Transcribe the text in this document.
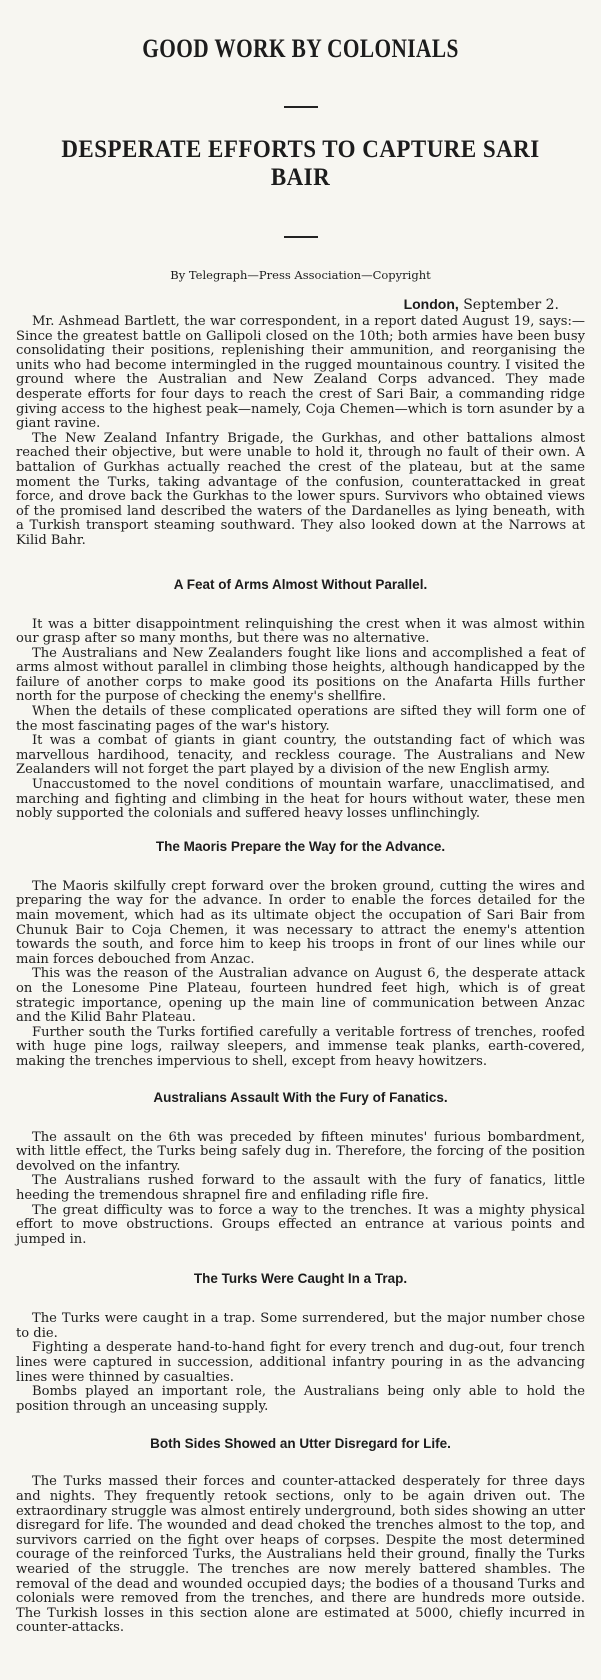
GOOD WORK BY COLONIALS
DESPERATE EFFORTS TO CAPTURE SARI BAIR
By Telegraph—Press Association—Copyright
London, September 2.

Mr. Ashmead Bartlett, the war correspondent, in a report dated August 19, says:—Since the greatest battle on Gallipoli closed on the 10th; both armies have been busy consolidating their positions, replenishing their ammunition, and reorganising the units who had become intermingled in the rugged mountainous country. I visited the ground where the Australian and New Zealand Corps advanced. They made desperate efforts for four days to reach the crest of Sari Bair, a commanding ridge giving access to the highest peak—namely, Coja Chemen—which is torn asunder by a giant ravine.

The New Zealand Infantry Brigade, the Gurkhas, and other battalions almost reached their objective, but were unable to hold it, through no fault of their own. A battalion of Gurkhas actually reached the crest of the plateau, but at the same moment the Turks, taking advantage of the confusion, counterattacked in great force, and drove back the Gurkhas to the lower spurs. Survivors who obtained views of the promised land described the waters of the Dardanelles as lying beneath, with a Turkish transport steaming southward. They also looked down at the Narrows at Kilid Bahr.

A Feat of Arms Almost Without Parallel.

It was a bitter disappointment relinquishing the crest when it was almost within our grasp after so many months, but there was no alternative.

The Australians and New Zealanders fought like lions and accomplished a feat of arms almost without parallel in climbing those heights, although handicapped by the failure of another corps to make good its positions on the Anafarta Hills further north for the purpose of checking the enemy's shellfire.

When the details of these complicated operations are sifted they will form one of the most fascinating pages of the war's history.

It was a combat of giants in giant country, the outstanding fact of which was marvellous hardihood, tenacity, and reckless courage. The Australians and New Zealanders will not forget the part played by a division of the new English army.

Unaccustomed to the novel conditions of mountain warfare, unacclimatised, and marching and fighting and climbing in the heat for hours without water, these men nobly supported the colonials and suffered heavy losses unflinchingly.

The Maoris Prepare the Way for the Advance.

The Maoris skilfully crept forward over the broken ground, cutting the wires and preparing the way for the advance. In order to enable the forces detailed for the main movement, which had as its ultimate object the occupation of Sari Bair from Chunuk Bair to Coja Chemen, it was necessary to attract the enemy's attention towards the south, and force him to keep his troops in front of our lines while our main forces debouched from Anzac.

This was the reason of the Australian advance on August 6, the desperate attack on the Lonesome Pine Plateau, fourteen hundred feet high, which is of great strategic importance, opening up the main line of communication between Anzac and the Kilid Bahr Plateau.

Further south the Turks fortified carefully a veritable fortress of trenches, roofed with huge pine logs, railway sleepers, and immense teak planks, earth-covered, making the trenches impervious to shell, except from heavy howitzers.

Australians Assault With the Fury of Fanatics.

The assault on the 6th was preceded by fifteen minutes' furious bombardment, with little effect, the Turks being safely dug in. Therefore, the forcing of the position devolved on the infantry.

The Australians rushed forward to the assault with the fury of fanatics, little heeding the tremendous shrapnel fire and enfilading rifle fire.

The great difficulty was to force a way to the trenches. It was a mighty physical effort to move obstructions. Groups effected an entrance at various points and jumped in.

The Turks Were Caught In a Trap.

The Turks were caught in a trap. Some surrendered, but the major number chose to die.

Fighting a desperate hand-to-hand fight for every trench and dug-out, four trench lines were captured in succession, additional infantry pouring in as the advancing lines were thinned by casualties.

Bombs played an important role, the Australians being only able to hold the position through an unceasing supply.

Both Sides Showed an Utter Disregard for Life.

The Turks massed their forces and counter-attacked desperately for three days and nights. They frequently retook sections, only to be again driven out. The extraordinary struggle was almost entirely underground, both sides showing an utter disregard for life. The wounded and dead choked the trenches almost to the top, and survivors carried on the fight over heaps of corpses. Despite the most determined courage of the reinforced Turks, the Australians held their ground, finally the Turks wearied of the struggle. The trenches are now merely battered shambles. The removal of the dead and wounded occupied days; the bodies of a thousand Turks and colonials were removed from the trenches, and there are hundreds more outside. The Turkish losses in this section alone are estimated at 5000, chiefly incurred in counter-attacks.
